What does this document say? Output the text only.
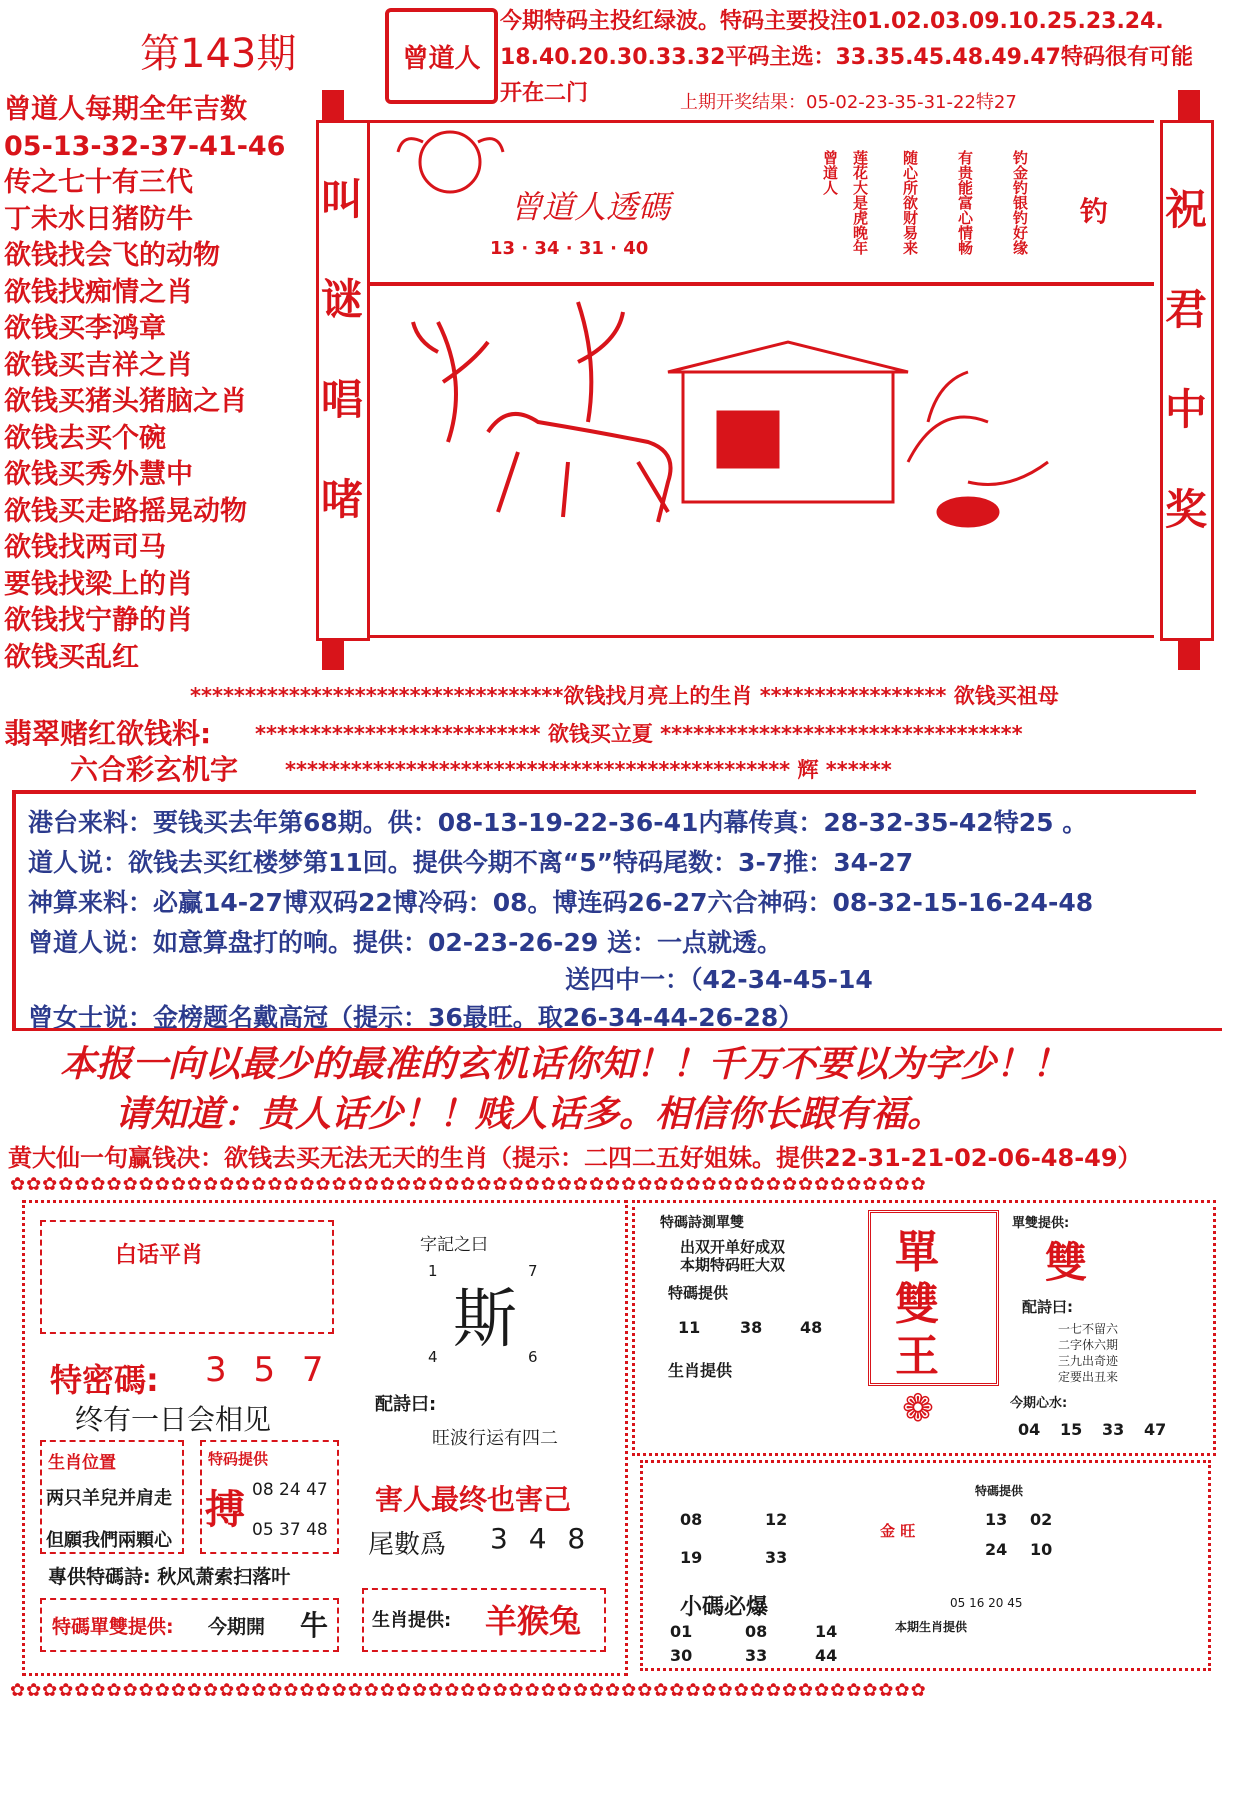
第143期	曾道人
今期特码主投红绿波。特码主要投注01.02.03.09.10.25.23.24.
18.40.20.30.33.32平码主选：33.35.45.48.49.47特码很有可能
开在二门	上期开奖结果：05-02-23-35-31-22特27
曾道人每期全年吉数
05-13-32-37-41-46
传之七十有三代
丁未水日猪防牛
欲钱找会飞的动物
欲钱找痴情之肖
欲钱买李鸿章
欲钱买吉祥之肖
欲钱买猪头猪脑之肖
欲钱去买个碗
欲钱买秀外慧中
欲钱买走路摇晃动物
欲钱找两司马
要钱找梁上的肖
欲钱找宁静的肖
欲钱买乱红
叫
谜
唱
啫
祝
君
中
奖
曾道人透碼
13 · 34 · 31 · 40
钓
曾道人 莲花大是虎晚年 随心所欲财易来 有贵能富心情畅 钓金钓银钓好缘
**********************************欲钱找月亮上的生肖 ***************** 欲钱买祖母
翡翠赌红欲钱料: ************************** 欲钱买立夏 *********************************
六合彩玄机字 ********************************************** 辉 ******
港台来料：要钱买去年第68期。供：08-13-19-22-36-41内幕传真：28-32-35-42特25 。
道人说：欲钱去买红楼梦第11回。提供今期不离“5”特码尾数：3-7推：34-27
神算来料：必赢14-27博双码22博冷码：08。博连码26-27六合神码：08-32-15-16-24-48
曾道人说：如意算盘打的响。提供：02-23-26-29 送：一点就透。
送四中一：（42-34-45-14
曾女士说：金榜题名戴高冠（提示：36最旺。取26-34-44-26-28）
本报一向以最少的最准的玄机话你知！！千万不要以为字少！！
请知道：贵人话少！！贱人话多。相信你长跟有福。
黄大仙一句赢钱决：欲钱去买无法无天的生肖（提示：二四二五好姐妹。提供22-31-21-02-06-48-49）
✿✿✿✿✿✿✿✿✿✿✿✿✿✿✿✿✿✿✿✿✿✿✿✿✿✿✿✿✿✿✿✿✿✿✿✿✿✿✿✿✿✿✿✿✿✿✿✿✿✿✿✿✿✿✿✿✿
✿✿✿✿✿✿✿✿✿✿✿✿✿✿✿✿✿✿✿✿✿✿✿✿✿✿✿✿✿✿✿✿✿✿✿✿✿✿✿✿✿✿✿✿✿✿✿✿✿✿✿✿✿✿✿✿✿
白话平肖
特密碼: 3 5 7
终有一日会相见
生肖位置
两只羊兒并肩走
但願我們兩顆心
特码提供
搏 08 24 47
05 37 48
專供特碼詩: 秋风萧索扫落叶
特碼單雙提供: 今期開 牛
字記之曰
1	7
斯
4	6
配詩曰:
旺波行运有四二
害人最终也害己
尾數爲 3 4 8
生肖提供: 羊猴兔
特碼詩測單雙
出双开单好成双
本期特码旺大双
特碼提供
11 38 48
生肖提供
單
雙
王
❁
單雙提供:
雙
配詩曰:
一七不留六
二字休六期
三九出奇迹
定要出丑来
今期心水:
04 15 33 47
金 旺
08	12
19	33
特碼提供
13 02
24 10
小碼必爆
01	08	14
30	33	44
05 16 20 45
本期生肖提供
